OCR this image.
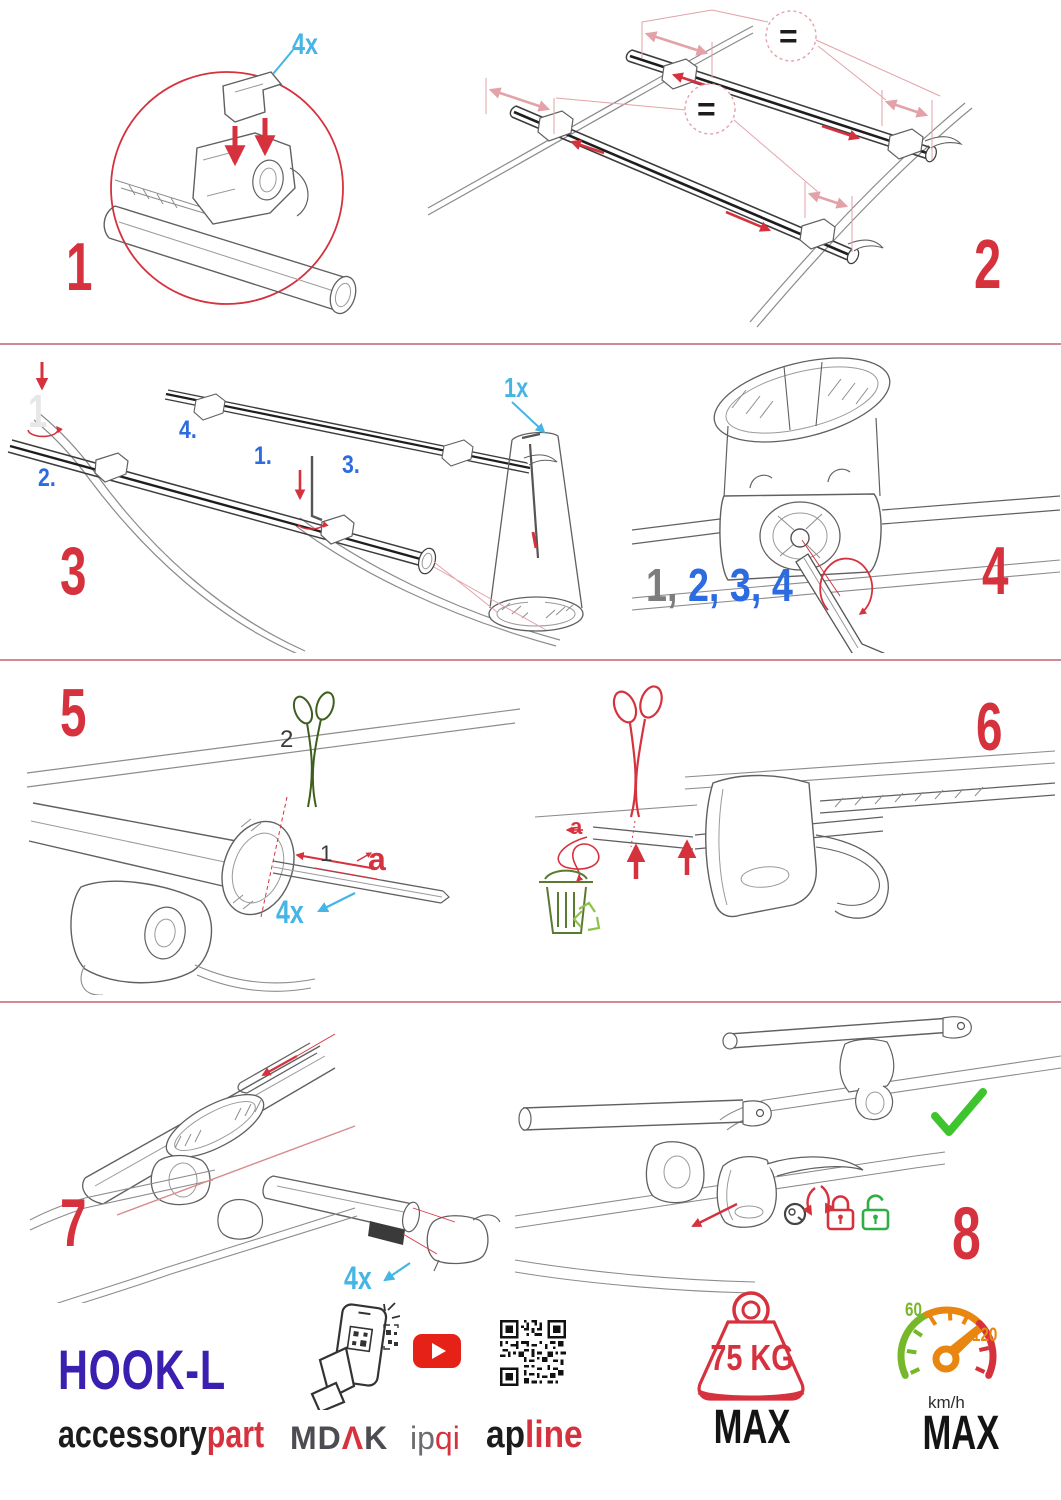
4x
1
=
=
2
1	1x
2.
4.
1.	3.
3	1, 2, 3, 4	4
5	2
1 a
4x
a
6
7
4x
8
HOOK-L
accessorypart MDΛK ipqi apline
75 KG
MAX
60
120
km/h
MAX
